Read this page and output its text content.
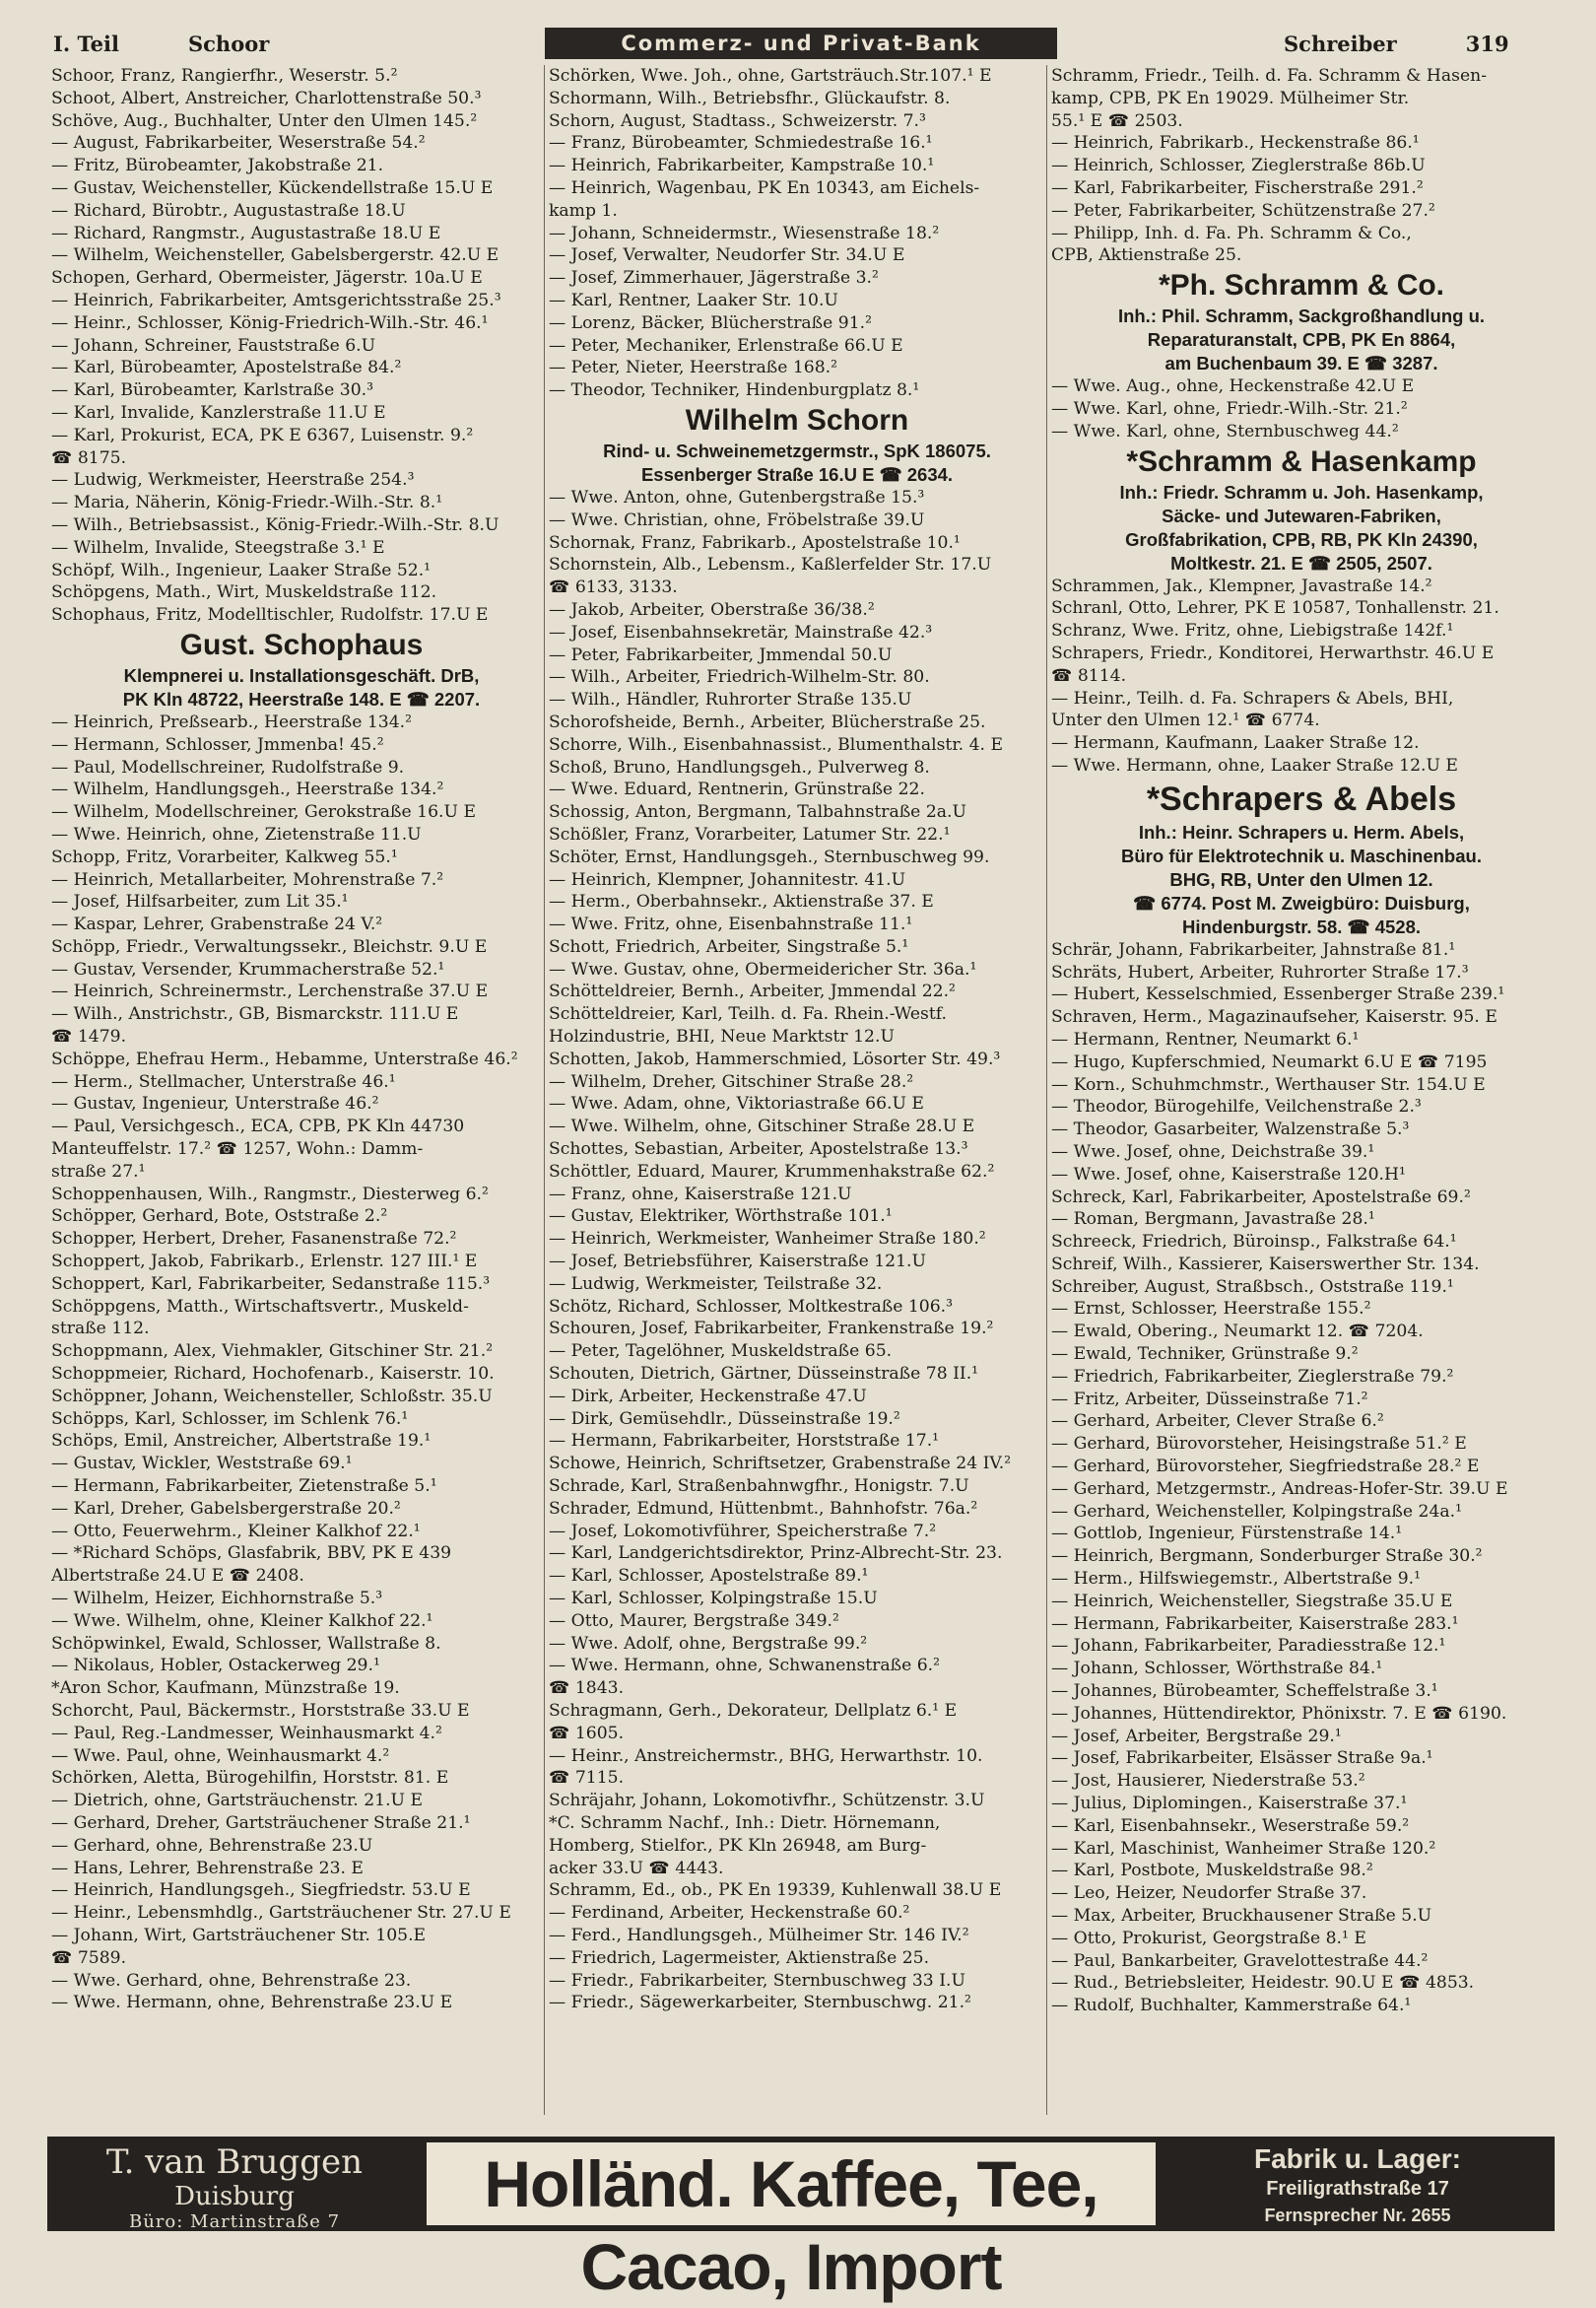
I. Teil	Schoor	Commerz- und Privat-Bank	Schreiber	319
Schoor, Franz, Rangierfhr., Weserstr. 5.²
Schoot, Albert, Anstreicher, Charlottenstraße 50.³
Schöve, Aug., Buchhalter, Unter den Ulmen 145.²
— August, Fabrikarbeiter, Weserstraße 54.²
— Fritz, Bürobeamter, Jakobstraße 21.
— Gustav, Weichensteller, Kückendellstraße 15.U E
— Richard, Bürobtr., Augustastraße 18.U
— Richard, Rangmstr., Augustastraße 18.U E
— Wilhelm, Weichensteller, Gabelsbergerstr. 42.U E
Schopen, Gerhard, Obermeister, Jägerstr. 10a.U E
— Heinrich, Fabrikarbeiter, Amtsgerichtsstraße 25.³
— Heinr., Schlosser, König-Friedrich-Wilh.-Str. 46.¹
— Johann, Schreiner, Fauststraße 6.U
— Karl, Bürobeamter, Apostelstraße 84.²
— Karl, Bürobeamter, Karlstraße 30.³
— Karl, Invalide, Kanzlerstraße 11.U E
— Karl, Prokurist, ECA, PK E 6367, Luisenstr. 9.²
☎ 8175.
— Ludwig, Werkmeister, Heerstraße 254.³
— Maria, Näherin, König-Friedr.-Wilh.-Str. 8.¹
— Wilh., Betriebsassist., König-Friedr.-Wilh.-Str. 8.U
— Wilhelm, Invalide, Steegstraße 3.¹ E
Schöpf, Wilh., Ingenieur, Laaker Straße 52.¹
Schöpgens, Math., Wirt, Muskeldstraße 112.
Schophaus, Fritz, Modelltischler, Rudolfstr. 17.U E
Gust. Schophaus
Klempnerei u. Installationsgeschäft. DrB,
PK Kln 48722, Heerstraße 148. E ☎ 2207.
— Heinrich, Preßsearb., Heerstraße 134.²
— Hermann, Schlosser, Jmmenba! 45.²
— Paul, Modellschreiner, Rudolfstraße 9.
— Wilhelm, Handlungsgeh., Heerstraße 134.²
— Wilhelm, Modellschreiner, Gerokstraße 16.U E
— Wwe. Heinrich, ohne, Zietenstraße 11.U
Schopp, Fritz, Vorarbeiter, Kalkweg 55.¹
— Heinrich, Metallarbeiter, Mohrenstraße 7.²
— Josef, Hilfsarbeiter, zum Lit 35.¹
— Kaspar, Lehrer, Grabenstraße 24 V.²
Schöpp, Friedr., Verwaltungssekr., Bleichstr. 9.U E
— Gustav, Versender, Krummacherstraße 52.¹
— Heinrich, Schreinermstr., Lerchenstraße 37.U E
— Wilh., Anstrichstr., GB, Bismarckstr. 111.U E
☎ 1479.
Schöppe, Ehefrau Herm., Hebamme, Unterstraße 46.²
— Herm., Stellmacher, Unterstraße 46.¹
— Gustav, Ingenieur, Unterstraße 46.²
— Paul, Versichgesch., ECA, CPB, PK Kln 44730
Manteuffelstr. 17.² ☎ 1257, Wohn.: Damm-
straße 27.¹
Schoppenhausen, Wilh., Rangmstr., Diesterweg 6.²
Schöpper, Gerhard, Bote, Oststraße 2.²
Schopper, Herbert, Dreher, Fasanenstraße 72.²
Schoppert, Jakob, Fabrikarb., Erlenstr. 127 III.¹ E
Schoppert, Karl, Fabrikarbeiter, Sedanstraße 115.³
Schöppgens, Matth., Wirtschaftsvertr., Muskeld-
straße 112.
Schoppmann, Alex, Viehmakler, Gitschiner Str. 21.²
Schoppmeier, Richard, Hochofenarb., Kaiserstr. 10.
Schöppner, Johann, Weichensteller, Schloßstr. 35.U
Schöpps, Karl, Schlosser, im Schlenk 76.¹
Schöps, Emil, Anstreicher, Albertstraße 19.¹
— Gustav, Wickler, Weststraße 69.¹
— Hermann, Fabrikarbeiter, Zietenstraße 5.¹
— Karl, Dreher, Gabelsbergerstraße 20.²
— Otto, Feuerwehrm., Kleiner Kalkhof 22.¹
— *Richard Schöps, Glasfabrik, BBV, PK E 439
Albertstraße 24.U E ☎ 2408.
— Wilhelm, Heizer, Eichhornstraße 5.³
— Wwe. Wilhelm, ohne, Kleiner Kalkhof 22.¹
Schöpwinkel, Ewald, Schlosser, Wallstraße 8.
— Nikolaus, Hobler, Ostackerweg 29.¹
*Aron Schor, Kaufmann, Münzstraße 19.
Schorcht, Paul, Bäckermstr., Horststraße 33.U E
— Paul, Reg.-Landmesser, Weinhausmarkt 4.²
— Wwe. Paul, ohne, Weinhausmarkt 4.²
Schörken, Aletta, Bürogehilfin, Horststr. 81. E
— Dietrich, ohne, Gartsträuchenstr. 21.U E
— Gerhard, Dreher, Gartsträuchener Straße 21.¹
— Gerhard, ohne, Behrenstraße 23.U
— Hans, Lehrer, Behrenstraße 23. E
— Heinrich, Handlungsgeh., Siegfriedstr. 53.U E
— Heinr., Lebensmhdlg., Gartsträuchener Str. 27.U E
— Johann, Wirt, Gartsträuchener Str. 105.E
☎ 7589.
— Wwe. Gerhard, ohne, Behrenstraße 23.
— Wwe. Hermann, ohne, Behrenstraße 23.U E
Schörken, Wwe. Joh., ohne, Gartsträuch.Str.107.¹ E
Schormann, Wilh., Betriebsfhr., Glückaufstr. 8.
Schorn, August, Stadtass., Schweizerstr. 7.³
— Franz, Bürobeamter, Schmiedestraße 16.¹
— Heinrich, Fabrikarbeiter, Kampstraße 10.¹
— Heinrich, Wagenbau, PK En 10343, am Eichels-
kamp 1.
— Johann, Schneidermstr., Wiesenstraße 18.²
— Josef, Verwalter, Neudorfer Str. 34.U E
— Josef, Zimmerhauer, Jägerstraße 3.²
— Karl, Rentner, Laaker Str. 10.U
— Lorenz, Bäcker, Blücherstraße 91.²
— Peter, Mechaniker, Erlenstraße 66.U E
— Peter, Nieter, Heerstraße 168.²
— Theodor, Techniker, Hindenburgplatz 8.¹
Wilhelm Schorn
Rind- u. Schweinemetzgermstr., SpK 186075.
Essenberger Straße 16.U E ☎ 2634.
— Wwe. Anton, ohne, Gutenbergstraße 15.³
— Wwe. Christian, ohne, Fröbelstraße 39.U
Schornak, Franz, Fabrikarb., Apostelstraße 10.¹
Schornstein, Alb., Lebensm., Kaßlerfelder Str. 17.U
☎ 6133, 3133.
— Jakob, Arbeiter, Oberstraße 36/38.²
— Josef, Eisenbahnsekretär, Mainstraße 42.³
— Peter, Fabrikarbeiter, Jmmendal 50.U
— Wilh., Arbeiter, Friedrich-Wilhelm-Str. 80.
— Wilh., Händler, Ruhrorter Straße 135.U
Schorofsheide, Bernh., Arbeiter, Blücherstraße 25.
Schorre, Wilh., Eisenbahnassist., Blumenthalstr. 4. E
Schoß, Bruno, Handlungsgeh., Pulverweg 8.
— Wwe. Eduard, Rentnerin, Grünstraße 22.
Schossig, Anton, Bergmann, Talbahnstraße 2a.U
Schößler, Franz, Vorarbeiter, Latumer Str. 22.¹
Schöter, Ernst, Handlungsgeh., Sternbuschweg 99.
— Heinrich, Klempner, Johannitestr. 41.U
— Herm., Oberbahnsekr., Aktienstraße 37. E
— Wwe. Fritz, ohne, Eisenbahnstraße 11.¹
Schott, Friedrich, Arbeiter, Singstraße 5.¹
— Wwe. Gustav, ohne, Obermeidericher Str. 36a.¹
Schötteldreier, Bernh., Arbeiter, Jmmendal 22.²
Schötteldreier, Karl, Teilh. d. Fa. Rhein.-Westf.
Holzindustrie, BHI, Neue Marktstr 12.U
Schotten, Jakob, Hammerschmied, Lösorter Str. 49.³
— Wilhelm, Dreher, Gitschiner Straße 28.²
— Wwe. Adam, ohne, Viktoriastraße 66.U E
— Wwe. Wilhelm, ohne, Gitschiner Straße 28.U E
Schottes, Sebastian, Arbeiter, Apostelstraße 13.³
Schöttler, Eduard, Maurer, Krummenhakstraße 62.²
— Franz, ohne, Kaiserstraße 121.U
— Gustav, Elektriker, Wörthstraße 101.¹
— Heinrich, Werkmeister, Wanheimer Straße 180.²
— Josef, Betriebsführer, Kaiserstraße 121.U
— Ludwig, Werkmeister, Teilstraße 32.
Schötz, Richard, Schlosser, Moltkestraße 106.³
Schouren, Josef, Fabrikarbeiter, Frankenstraße 19.²
— Peter, Tagelöhner, Muskeldstraße 65.
Schouten, Dietrich, Gärtner, Düsseinstraße 78 II.¹
— Dirk, Arbeiter, Heckenstraße 47.U
— Dirk, Gemüsehdlr., Düsseinstraße 19.²
— Hermann, Fabrikarbeiter, Horststraße 17.¹
Schowe, Heinrich, Schriftsetzer, Grabenstraße 24 IV.²
Schrade, Karl, Straßenbahnwgfhr., Honigstr. 7.U
Schrader, Edmund, Hüttenbmt., Bahnhofstr. 76a.²
— Josef, Lokomotivführer, Speicherstraße 7.²
— Karl, Landgerichtsdirektor, Prinz-Albrecht-Str. 23.
— Karl, Schlosser, Apostelstraße 89.¹
— Karl, Schlosser, Kolpingstraße 15.U
— Otto, Maurer, Bergstraße 349.²
— Wwe. Adolf, ohne, Bergstraße 99.²
— Wwe. Hermann, ohne, Schwanenstraße 6.²
☎ 1843.
Schragmann, Gerh., Dekorateur, Dellplatz 6.¹ E
☎ 1605.
— Heinr., Anstreichermstr., BHG, Herwarthstr. 10.
☎ 7115.
Schräjahr, Johann, Lokomotivfhr., Schützenstr. 3.U
*C. Schramm Nachf., Inh.: Dietr. Hörnemann,
Homberg, Stielfor., PK Kln 26948, am Burg-
acker 33.U ☎ 4443.
Schramm, Ed., ob., PK En 19339, Kuhlenwall 38.U E
— Ferdinand, Arbeiter, Heckenstraße 60.²
— Ferd., Handlungsgeh., Mülheimer Str. 146 IV.²
— Friedrich, Lagermeister, Aktienstraße 25.
— Friedr., Fabrikarbeiter, Sternbuschweg 33 I.U
— Friedr., Sägewerkarbeiter, Sternbuschwg. 21.²
Schramm, Friedr., Teilh. d. Fa. Schramm & Hasen-
kamp, CPB, PK En 19029. Mülheimer Str.
55.¹ E ☎ 2503.
— Heinrich, Fabrikarb., Heckenstraße 86.¹
— Heinrich, Schlosser, Zieglerstraße 86b.U
— Karl, Fabrikarbeiter, Fischerstraße 291.²
— Peter, Fabrikarbeiter, Schützenstraße 27.²
— Philipp, Inh. d. Fa. Ph. Schramm & Co.,
CPB, Aktienstraße 25.
*Ph. Schramm & Co.
Inh.: Phil. Schramm, Sackgroßhandlung u.
Reparaturanstalt, CPB, PK En 8864,
am Buchenbaum 39. E ☎ 3287.
— Wwe. Aug., ohne, Heckenstraße 42.U E
— Wwe. Karl, ohne, Friedr.-Wilh.-Str. 21.²
— Wwe. Karl, ohne, Sternbuschweg 44.²
*Schramm & Hasenkamp
Inh.: Friedr. Schramm u. Joh. Hasenkamp,
Säcke- und Jutewaren-Fabriken,
Großfabrikation, CPB, RB, PK Kln 24390,
Moltkestr. 21. E ☎ 2505, 2507.
Schrammen, Jak., Klempner, Javastraße 14.²
Schranl, Otto, Lehrer, PK E 10587, Tonhallenstr. 21.
Schranz, Wwe. Fritz, ohne, Liebigstraße 142f.¹
Schrapers, Friedr., Konditorei, Herwarthstr. 46.U E
☎ 8114.
— Heinr., Teilh. d. Fa. Schrapers & Abels, BHI,
Unter den Ulmen 12.¹ ☎ 6774.
— Hermann, Kaufmann, Laaker Straße 12.
— Wwe. Hermann, ohne, Laaker Straße 12.U E
*Schrapers & Abels
Inh.: Heinr. Schrapers u. Herm. Abels,
Büro für Elektrotechnik u. Maschinenbau.
BHG, RB, Unter den Ulmen 12.
☎ 6774. Post M. Zweigbüro: Duisburg,
Hindenburgstr. 58. ☎ 4528.
Schrär, Johann, Fabrikarbeiter, Jahnstraße 81.¹
Schräts, Hubert, Arbeiter, Ruhrorter Straße 17.³
— Hubert, Kesselschmied, Essenberger Straße 239.¹
Schraven, Herm., Magazinaufseher, Kaiserstr. 95. E
— Hermann, Rentner, Neumarkt 6.¹
— Hugo, Kupferschmied, Neumarkt 6.U E ☎ 7195
— Korn., Schuhmchmstr., Werthauser Str. 154.U E
— Theodor, Bürogehilfe, Veilchenstraße 2.³
— Theodor, Gasarbeiter, Walzenstraße 5.³
— Wwe. Josef, ohne, Deichstraße 39.¹
— Wwe. Josef, ohne, Kaiserstraße 120.H¹
Schreck, Karl, Fabrikarbeiter, Apostelstraße 69.²
— Roman, Bergmann, Javastraße 28.¹
Schreeck, Friedrich, Büroinsp., Falkstraße 64.¹
Schreif, Wilh., Kassierer, Kaiserswerther Str. 134.
Schreiber, August, Straßbsch., Oststraße 119.¹
— Ernst, Schlosser, Heerstraße 155.²
— Ewald, Obering., Neumarkt 12. ☎ 7204.
— Ewald, Techniker, Grünstraße 9.²
— Friedrich, Fabrikarbeiter, Zieglerstraße 79.²
— Fritz, Arbeiter, Düsseinstraße 71.²
— Gerhard, Arbeiter, Clever Straße 6.²
— Gerhard, Bürovorsteher, Heisingstraße 51.² E
— Gerhard, Bürovorsteher, Siegfriedstraße 28.² E
— Gerhard, Metzgermstr., Andreas-Hofer-Str. 39.U E
— Gerhard, Weichensteller, Kolpingstraße 24a.¹
— Gottlob, Ingenieur, Fürstenstraße 14.¹
— Heinrich, Bergmann, Sonderburger Straße 30.²
— Herm., Hilfswiegemstr., Albertstraße 9.¹
— Heinrich, Weichensteller, Siegstraße 35.U E
— Hermann, Fabrikarbeiter, Kaiserstraße 283.¹
— Johann, Fabrikarbeiter, Paradiesstraße 12.¹
— Johann, Schlosser, Wörthstraße 84.¹
— Johannes, Bürobeamter, Scheffelstraße 3.¹
— Johannes, Hüttendirektor, Phönixstr. 7. E ☎ 6190.
— Josef, Arbeiter, Bergstraße 29.¹
— Josef, Fabrikarbeiter, Elsässer Straße 9a.¹
— Jost, Hausierer, Niederstraße 53.²
— Julius, Diplomingen., Kaiserstraße 37.¹
— Karl, Eisenbahnsekr., Weserstraße 59.²
— Karl, Maschinist, Wanheimer Straße 120.²
— Karl, Postbote, Muskeldstraße 98.²
— Leo, Heizer, Neudorfer Straße 37.
— Max, Arbeiter, Bruckhausener Straße 5.U
— Otto, Prokurist, Georgstraße 8.¹ E
— Paul, Bankarbeiter, Gravelottestraße 44.²
— Rud., Betriebsleiter, Heidestr. 90.U E ☎ 4853.
— Rudolf, Buchhalter, Kammerstraße 64.¹
T. van Bruggen
Duisburg
Büro: Martinstraße 7
Holländ. Kaffee, Tee, Cacao, Import
Fabrik u. Lager:
Freiligrathstraße 17
Fernsprecher Nr. 2655
